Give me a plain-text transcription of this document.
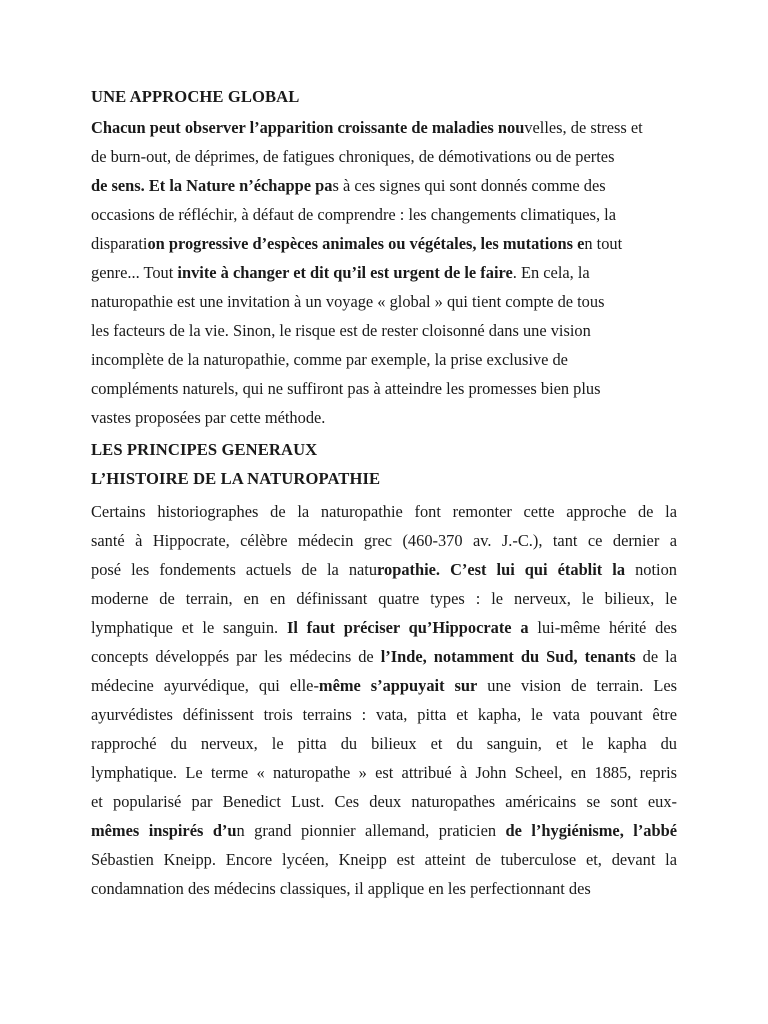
UNE APPROCHE GLOBAL

Chacun peut observer l’apparition croissante de maladies nouvelles, de stress et
de burn-out, de déprimes, de fatigues chroniques, de démotivations ou de pertes
de sens. Et la Nature n’échappe pas à ces signes qui sont donnés comme des
occasions de réfléchir, à défaut de comprendre : les changements climatiques, la
disparation progressive d’espèces animales ou végétales, les mutations en tout
genre... Tout invite à changer et dit qu’il est urgent de le faire. En cela, la
naturopathie est une invitation à un voyage « global » qui tient compte de tous
les facteurs de la vie. Sinon, le risque est de rester cloisonné dans une vision
incomplète de la naturopathie, comme par exemple, la prise exclusive de
compléments naturels, qui ne suffiront pas à atteindre les promesses bien plus
vastes proposées par cette méthode.

LES PRINCIPES GENERAUX
L’HISTOIRE DE LA NATUROPATHIE

Certains historiographes de la naturopathie font remonter cette approche de la
santé à Hippocrate, célèbre médecin grec (460-370 av. J.-C.), tant ce dernier a
posé les fondements actuels de la naturopathie. C’est lui qui établit la notion
moderne de terrain, en en définissant quatre types : le nerveux, le bilieux, le
lymphatique et le sanguin. Il faut préciser qu’Hippocrate a lui-même hérité des
concepts développés par les médecins de l’Inde, notamment du Sud, tenants de la
médecine ayurvédique, qui elle-même s’appuyait sur une vision de terrain. Les
ayurvédistes définissent trois terrains : vata, pitta et kapha, le vata pouvant être
rapproché du nerveux, le pitta du bilieux et du sanguin, et le kapha du
lymphatique. Le terme « naturopathe » est attribué à John Scheel, en 1885, repris
et popularisé par Benedict Lust. Ces deux naturopathes américains se sont eux-
mêmes inspirés d’un grand pionnier allemand, praticien de l’hygiénisme, l’abbé
Sébastien Kneipp. Encore lycéen, Kneipp est atteint de tuberculose et, devant la
condamnation des médecins classiques, il applique en les perfectionnant des
